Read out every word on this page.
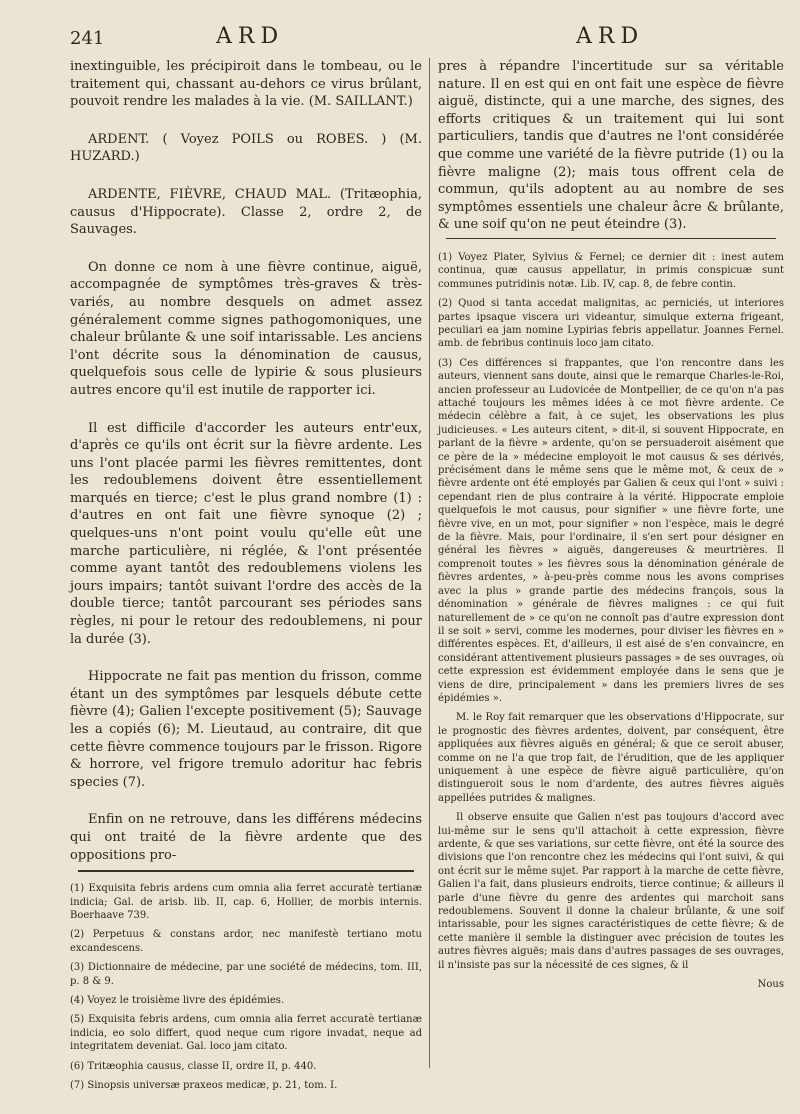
241	ARD	ARD

inextinguible, les précipiroit dans le tombeau, ou le traitement qui, chassant au-dehors ce virus brûlant, pouvoit rendre les malades à la vie. (M. SAILLANT.)

ARDENT. ( Voyez POILS ou ROBES. ) (M. HUZARD.)

ARDENTE, FIÈVRE, CHAUD MAL. (Tritæophia, causus d'Hippocrate). Classe 2, ordre 2, de Sauvages.

On donne ce nom à une fièvre continue, aiguë, accompagnée de symptômes très-graves & très-variés, au nombre desquels on admet assez généralement comme signes pathogomoniques, une chaleur brûlante & une soif intarissable. Les anciens l'ont décrite sous la dénomination de causus, quelquefois sous celle de lypirie & sous plusieurs autres encore qu'il est inutile de rapporter ici.

Il est difficile d'accorder les auteurs entr'eux, d'après ce qu'ils ont écrit sur la fièvre ardente. Les uns l'ont placée parmi les fièvres remittentes, dont les redoublemens doivent être essentiellement marqués en tierce; c'est le plus grand nombre (1) : d'autres en ont fait une fièvre synoque (2) ; quelques-uns n'ont point voulu qu'elle eût une marche particulière, ni réglée, & l'ont présentée comme ayant tantôt des redoublemens violens les jours impairs; tantôt suivant l'ordre des accès de la double tierce; tantôt parcourant ses périodes sans règles, ni pour le retour des redoublemens, ni pour la durée (3).

Hippocrate ne fait pas mention du frisson, comme étant un des symptômes par lesquels débute cette fièvre (4); Galien l'excepte positivement (5); Sauvage les a copiés (6); M. Lieutaud, au contraire, dit que cette fièvre commence toujours par le frisson. Rigore & horrore, vel frigore tremulo adoritur hac febris species (7).

Enfin on ne retrouve, dans les différens médecins qui ont traité de la fièvre ardente que des oppositions pro-

(1) Exquisita febris ardens cum omnia alia ferret accuratè tertianæ indicia; Gal. de arisb. lib. II, cap. 6, Hollier, de morbis internis. Boerhaave 739.

(2) Perpetuus & constans ardor, nec manifestè tertiano motu excandescens.

(3) Dictionnaire de médecine, par une société de médecins, tom. III, p. 8 & 9.

(4) Voyez le troisième livre des épidémies.

(5) Exquisita febris ardens, cum omnia alia ferret accuratè tertianæ indicia, eo solo differt, quod neque cum rigore invadat, neque ad integritatem deveniat. Gal. loco jam citato.

(6) Tritæophia causus, classe II, ordre II, p. 440.

(7) Sinopsis universæ praxeos medicæ, p. 21, tom. I.

pres à répandre l'incertitude sur sa véritable nature. Il en est qui en ont fait une espèce de fièvre aiguë, distincte, qui a une marche, des signes, des efforts critiques & un traitement qui lui sont particuliers, tandis que d'autres ne l'ont considérée que comme une variété de la fièvre putride (1) ou la fièvre maligne (2); mais tous offrent cela de commun, qu'ils adoptent au au nombre de ses symptômes essentiels une chaleur âcre & brûlante, & une soif qu'on ne peut éteindre (3).

(1) Voyez Plater, Sylvius & Fernel; ce dernier dit : inest autem continua, quæ causus appellatur, in primis conspicuæ sunt communes putridinis notæ. Lib. IV, cap. 8, de febre contin.

(2) Quod si tanta accedat malignitas, ac perniciés, ut interiores partes ipsaque viscera uri videantur, simulque externa frigeant, peculiari ea jam nomine Lypirias febris appellatur. Joannes Fernel. amb. de febribus continuis loco jam citato.

(3) Ces différences si frappantes, que l'on rencontre dans les auteurs, viennent sans doute, ainsi que le remarque Charles-le-Roi, ancien professeur au Ludovicée de Montpellier, de ce qu'on n'a pas attaché toujours les mêmes idées à ce mot fièvre ardente. Ce médecin célèbre a fait, à ce sujet, les observations les plus judicieuses. « Les auteurs citent, » dit-il, si souvent Hippocrate, en parlant de la fièvre » ardente, qu'on se persuaderoit aisément que ce père de la » médecine employoit le mot causus & ses dérivés, précisément dans le même sens que le même mot, & ceux de » fièvre ardente ont été employés par Galien & ceux qui l'ont » suivi : cependant rien de plus contraire à la vérité. Hippocrate emploie quelquefois le mot causus, pour signifier » une fièvre forte, une fièvre vive, en un mot, pour signifier » non l'espèce, mais le degré de la fièvre. Mais, pour l'ordinaire, il s'en sert pour désigner en général les fièvres » aiguës, dangereuses & meurtrières. Il comprenoit toutes » les fièvres sous la dénomination générale de fièvres ardentes, » à-peu-près comme nous les avons comprises avec la plus » grande partie des médecins françois, sous la dénomination » générale de fièvres malignes : ce qui fuit naturellement de » ce qu'on ne connoît pas d'autre expression dont il se soit » servi, comme les modernes, pour diviser les fièvres en » différentes espèces. Et, d'ailleurs, il est aisé de s'en convaincre, en considérant attentivement plusieurs passages » de ses ouvrages, où cette expression est évidemment employée dans le sens que je viens de dire, principalement » dans les premiers livres de ses épidémies ».

M. le Roy fait remarquer que les observations d'Hippocrate, sur le prognostic des fièvres ardentes, doivent, par conséquent, être appliquées aux fièvres aiguës en général; & que ce seroit abuser, comme on ne l'a que trop fait, de l'érudition, que de les appliquer uniquement à une espèce de fièvre aiguë particulière, qu'on distingueroit sous le nom d'ardente, des autres fièvres aiguës appellées putrides & malignes.

Il observe ensuite que Galien n'est pas toujours d'accord avec lui-même sur le sens qu'il attachoit à cette expression, fièvre ardente, & que ses variations, sur cette fièvre, ont été la source des divisions que l'on rencontre chez les médecins qui l'ont suivi, & qui ont écrit sur le même sujet. Par rapport à la marche de cette fièvre, Galien l'a fait, dans plusieurs endroits, tierce continue; & ailleurs il parle d'une fièvre du genre des ardentes qui marchoit sans redoublemens. Souvent il donne la chaleur brûlante, & une soif intarissable, pour les signes caractéristiques de cette fièvre; & de cette manière il semble la distinguer avec précision de toutes les autres fièvres aiguës; mais dans d'autres passages de ses ouvrages, il n'insiste pas sur la nécessité de ces signes, & il

Nous
